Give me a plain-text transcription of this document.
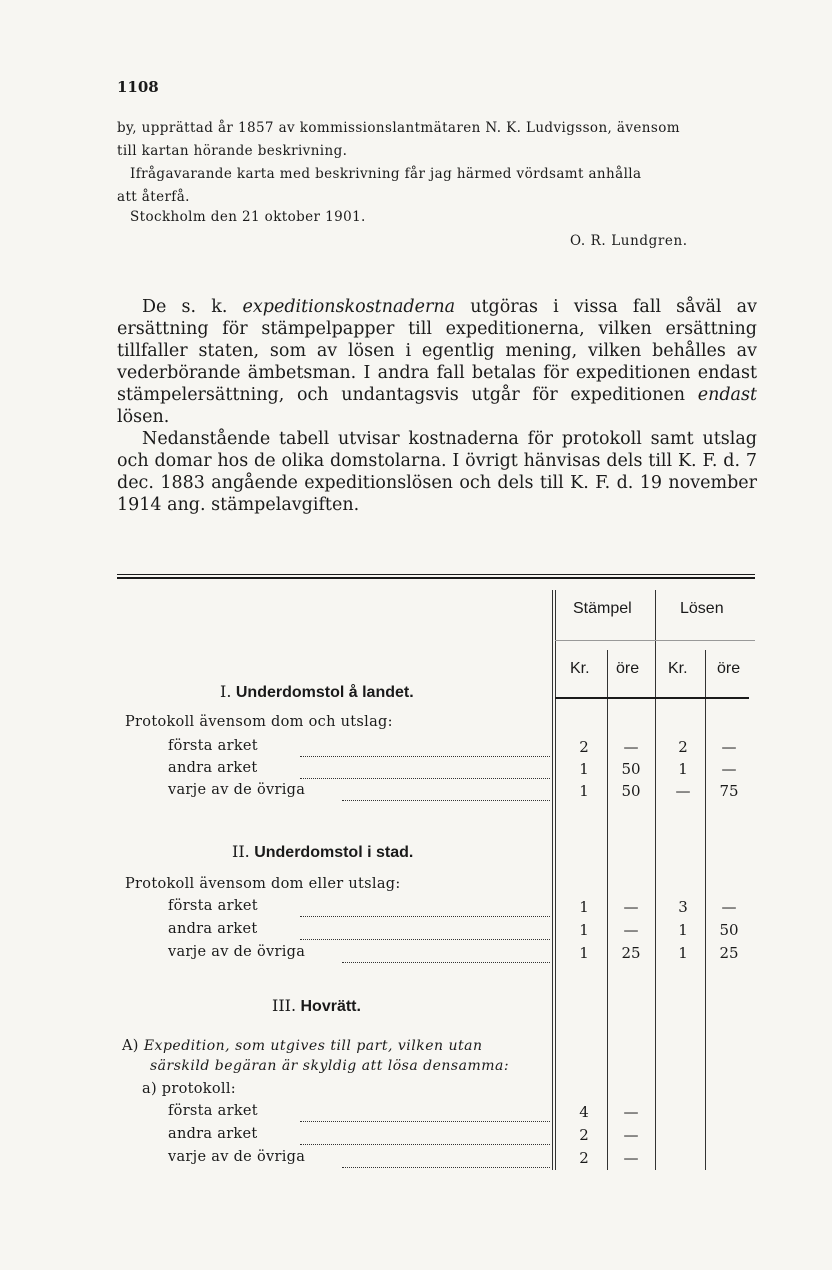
1108
by, upprättad år 1857 av kommissionslantmätaren N. K. Ludvigsson, ävensom
till kartan hörande beskrivning.
Ifrågavarande karta med beskrivning får jag härmed vördsamt anhålla
att återfå.
Stockholm den 21 oktober 1901.
O. R. Lundgren.

De s. k. expeditionskostnaderna utgöras i vissa fall såväl av ersättning för stämpelpapper till expeditionerna, vilken ersättning tillfaller staten, som av lösen i egentlig mening, vilken behålles av vederbörande ämbetsman. I andra fall betalas för expeditionen endast stämpelersättning, och undantagsvis utgår för expeditionen endast lösen.

Nedanstående tabell utvisar kostnaderna för protokoll samt utslag och domar hos de olika domstolarna. I övrigt hänvisas dels till K. F. d. 7 dec. 1883 angående expeditionslösen och dels till K. F. d. 19 november 1914 ang. stämpelavgiften.

Stämpel	Lösen
Kr. öre Kr. öre
I. Underdomstol å landet.
Protokoll ävensom dom och utslag:
första arket	2	—	2	—
andra arket	1	50	1	—
varje av de övriga	1	50	—	75
II. Underdomstol i stad.
Protokoll ävensom dom eller utslag:
första arket	1	—	3	—
andra arket	1	—	1	50
varje av de övriga	1	25	1	25
III. Hovrätt.
A) Expedition, som utgives till part, vilken utan
särskild begäran är skyldig att lösa densamma:
a) protokoll:
första arket	4	—
andra arket	2	—
varje av de övriga	2	—
